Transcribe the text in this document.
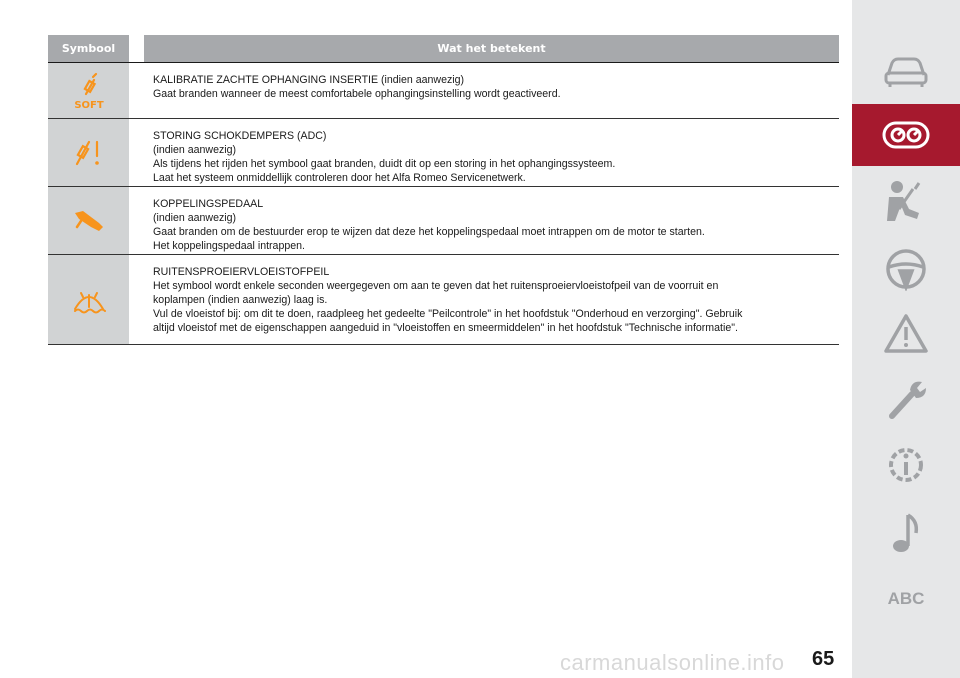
Symbool	Wat het betekent
SOFT
KALIBRATIE ZACHTE OPHANGING INSERTIE (indien aanwezig)
Gaat branden wanneer de meest comfortabele ophangingsinstelling wordt geactiveerd.
STORING SCHOKDEMPERS (ADC)
(indien aanwezig)
Als tijdens het rijden het symbool gaat branden, duidt dit op een storing in het ophangingssysteem.
Laat het systeem onmiddellijk controleren door het Alfa Romeo Servicenetwerk.
KOPPELINGSPEDAAL
(indien aanwezig)
Gaat branden om de bestuurder erop te wijzen dat deze het koppelingspedaal moet intrappen om de motor te starten.
Het koppelingspedaal intrappen.
RUITENSPROEIERVLOEISTOFPEIL
Het symbool wordt enkele seconden weergegeven om aan te geven dat het ruitensproeiervloeistofpeil van de voorruit en
koplampen (indien aanwezig) laag is.
Vul de vloeistof bij: om dit te doen, raadpleeg het gedeelte "Peilcontrole" in het hoofdstuk "Onderhoud en verzorging". Gebruik
altijd vloeistof met de eigenschappen aangeduid in "vloeistoffen en smeermiddelen" in het hoofdstuk "Technische informatie".
ABC
carmanualsonline.info 65
